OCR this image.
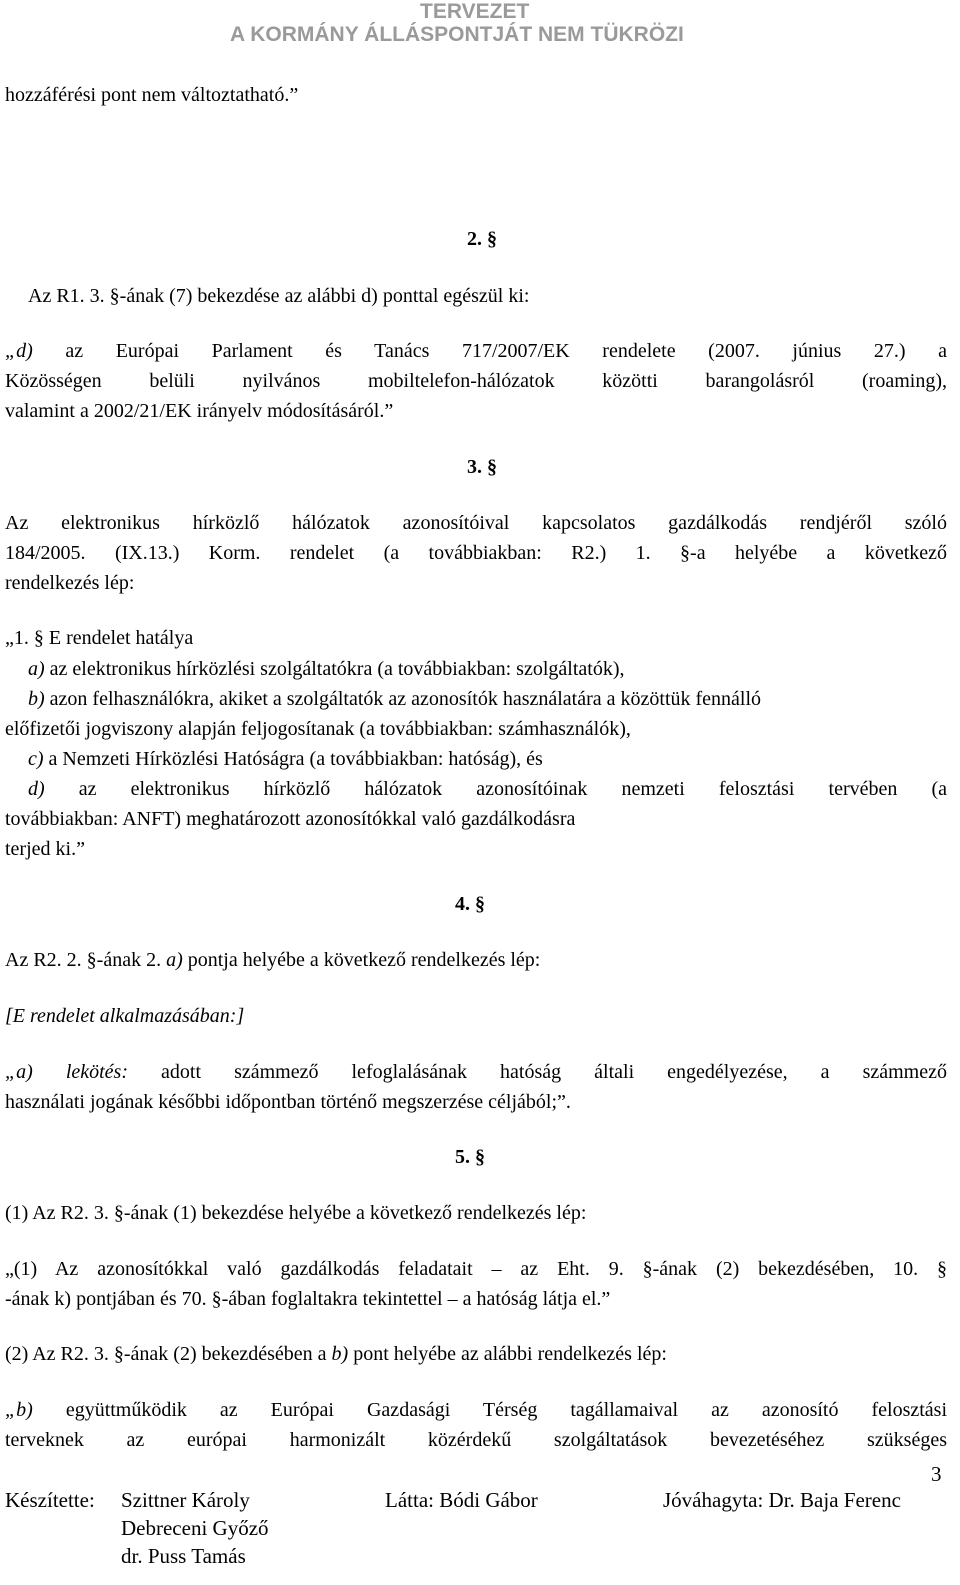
TERVEZET
A KORMÁNY ÁLLÁSPONTJÁT NEM TÜKRÖZI
hozzáférési pont nem változtatható.”
2. §
Az R1. 3. §-ának (7) bekezdése az alábbi d) ponttal egészül ki:
„d) az Európai Parlament és Tanács 717/2007/EK rendelete (2007. június 27.) a
Közösségen belüli nyilvános mobiltelefon-hálózatok közötti barangolásról (roaming),
valamint a 2002/21/EK irányelv módosításáról.”
3. §
Az elektronikus hírközlő hálózatok azonosítóival kapcsolatos gazdálkodás rendjéről szóló
184/2005. (IX.13.) Korm. rendelet (a továbbiakban: R2.) 1. §-a helyébe a következő
rendelkezés lép:
„1. § E rendelet hatálya
a) az elektronikus hírközlési szolgáltatókra (a továbbiakban: szolgáltatók),
b) azon felhasználókra, akiket a szolgáltatók az azonosítók használatára a közöttük fennálló
előfizetői jogviszony alapján feljogosítanak (a továbbiakban: számhasználók),
c) a Nemzeti Hírközlési Hatóságra (a továbbiakban: hatóság), és
d) az elektronikus hírközlő hálózatok azonosítóinak nemzeti felosztási tervében (a
továbbiakban: ANFT) meghatározott azonosítókkal való gazdálkodásra
terjed ki.”
4. §
Az R2. 2. §-ának 2. a) pontja helyébe a következő rendelkezés lép:
[E rendelet alkalmazásában:]
„a) lekötés: adott számmező lefoglalásának hatóság általi engedélyezése, a számmező
használati jogának későbbi időpontban történő megszerzése céljából;”.
5. §
(1) Az R2. 3. §-ának (1) bekezdése helyébe a következő rendelkezés lép:
„(1) Az azonosítókkal való gazdálkodás feladatait – az Eht. 9. §-ának (2) bekezdésében, 10. §
-ának k) pontjában és 70. §-ában foglaltakra tekintettel – a hatóság látja el.”
(2) Az R2. 3. §-ának (2) bekezdésében a b) pont helyébe az alábbi rendelkezés lép:
„b) együttműködik az Európai Gazdasági Térség tagállamaival az azonosító felosztási
terveknek az európai harmonizált közérdekű szolgáltatások bevezetéséhez szükséges
3
Készítette: Szittner Károly
Debreceni Győző
dr. Puss Tamás
Látta: Bódi Gábor	Jóváhagyta: Dr. Baja Ferenc
